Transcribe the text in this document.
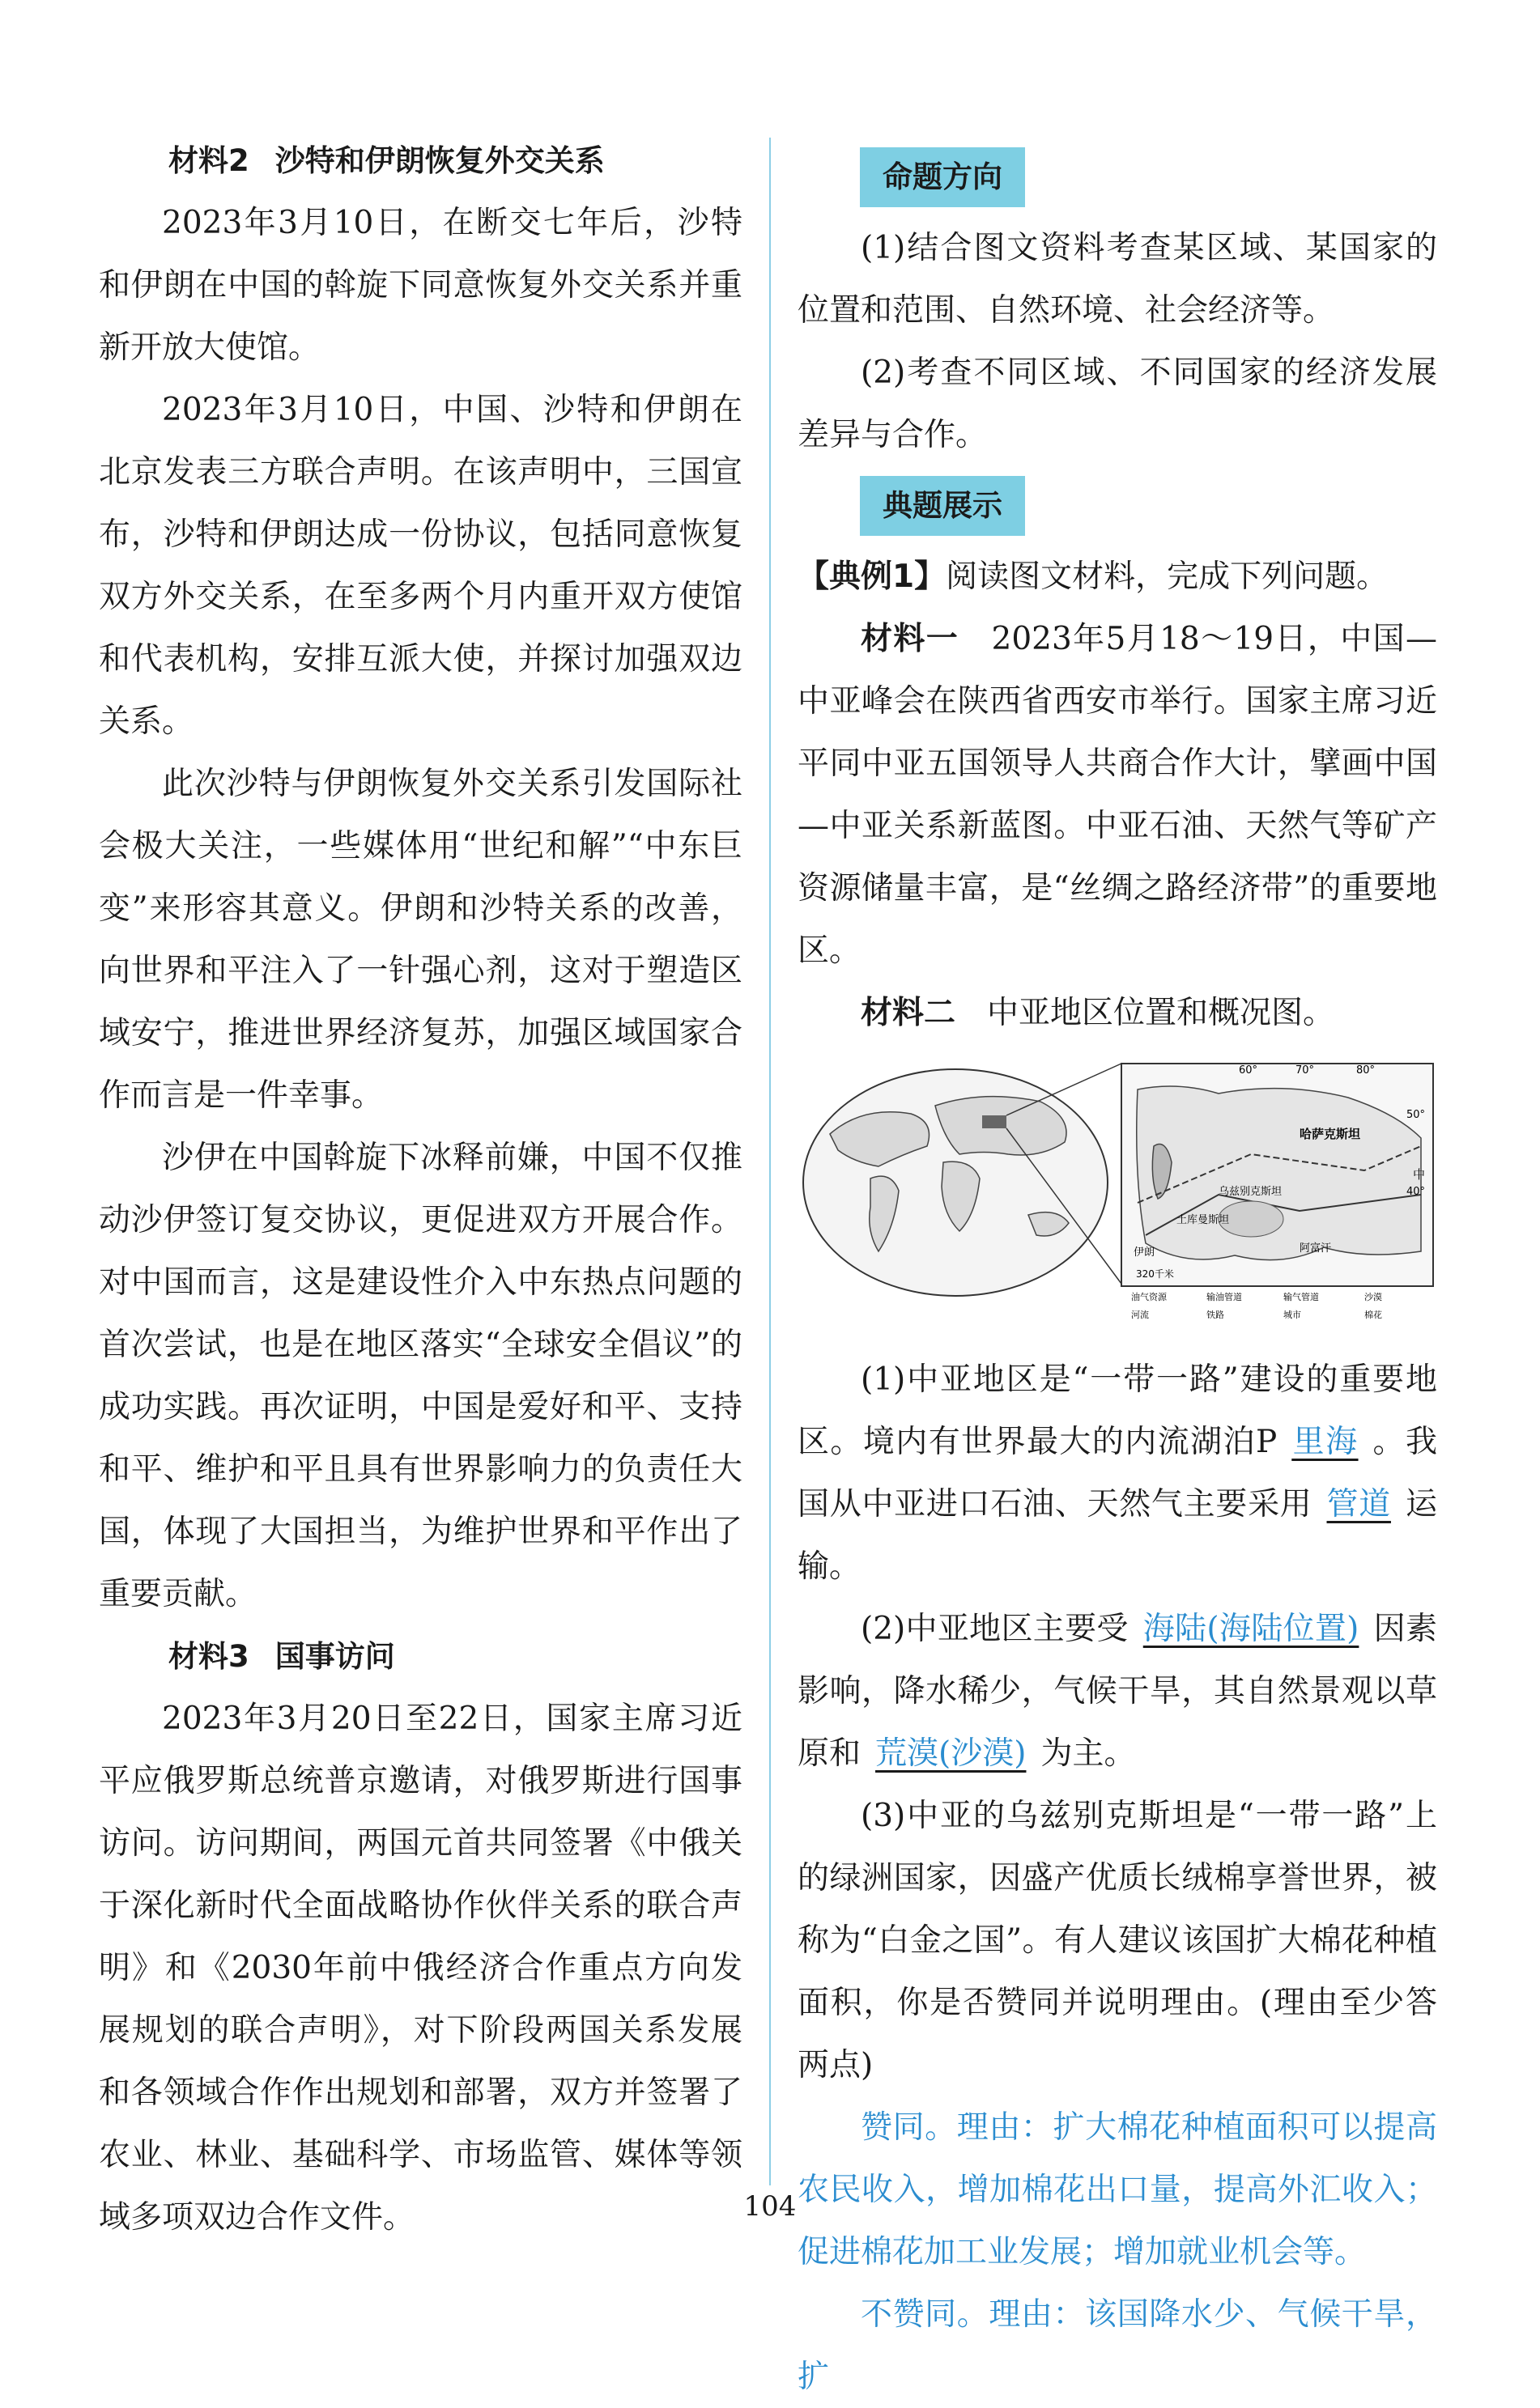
材料2 沙特和伊朗恢复外交关系

2023年3月10日，在断交七年后，沙特和伊朗在中国的斡旋下同意恢复外交关系并重新开放大使馆。

2023年3月10日，中国、沙特和伊朗在北京发表三方联合声明。在该声明中，三国宣布，沙特和伊朗达成一份协议，包括同意恢复双方外交关系，在至多两个月内重开双方使馆和代表机构，安排互派大使，并探讨加强双边关系。

此次沙特与伊朗恢复外交关系引发国际社会极大关注，一些媒体用“世纪和解”“中东巨变”来形容其意义。伊朗和沙特关系的改善，向世界和平注入了一针强心剂，这对于塑造区域安宁，推进世界经济复苏，加强区域国家合作而言是一件幸事。

沙伊在中国斡旋下冰释前嫌，中国不仅推动沙伊签订复交协议，更促进双方开展合作。对中国而言，这是建设性介入中东热点问题的首次尝试，也是在地区落实“全球安全倡议”的成功实践。再次证明，中国是爱好和平、支持和平、维护和平且具有世界影响力的负责任大国，体现了大国担当，为维护世界和平作出了重要贡献。

材料3 国事访问

2023年3月20日至22日，国家主席习近平应俄罗斯总统普京邀请，对俄罗斯进行国事访问。访问期间，两国元首共同签署《中俄关于深化新时代全面战略协作伙伴关系的联合声明》和《2030年前中俄经济合作重点方向发展规划的联合声明》，对下阶段两国关系发展和各领域合作作出规划和部署，双方并签署了农业、林业、基础科学、市场监管、媒体等领域多项双边合作文件。

命题方向

(1)结合图文资料考查某区域、某国家的位置和范围、自然环境、社会经济等。

(2)考查不同区域、不同国家的经济发展差异与合作。

典题展示

【典例1】阅读图文材料，完成下列问题。

材料一　 2023年5月18～19日，中国—中亚峰会在陕西省西安市举行。国家主席习近平同中亚五国领导人共商合作大计，擘画中国—中亚关系新蓝图。中亚石油、天然气等矿产资源储量丰富，是“丝绸之路经济带”的重要地区。

材料二　 中亚地区位置和概况图。

60°	70°	80°
50°
40°
哈萨克斯坦
乌兹别克斯坦
土库曼斯坦
伊朗	阿富汗
中
320千米
油气资源	输油管道	输气管道	沙漠
河流	铁路	城市	棉花

(1)中亚地区是“一带一路”建设的重要地区。境内有世界最大的内流湖泊P 里海 。我国从中亚进口石油、天然气主要采用 管道 运输。

(2)中亚地区主要受 海陆(海陆位置) 因素影响，降水稀少，气候干旱，其自然景观以草原和 荒漠(沙漠) 为主。

(3)中亚的乌兹别克斯坦是“一带一路”上的绿洲国家，因盛产优质长绒棉享誉世界，被称为“白金之国”。有人建议该国扩大棉花种植面积，你是否赞同并说明理由。(理由至少答两点)

赞同。理由：扩大棉花种植面积可以提高农民收入，增加棉花出口量，提高外汇收入；促进棉花加工业发展；增加就业机会等。

不赞同。理由：该国降水少、气候干旱，扩

104
